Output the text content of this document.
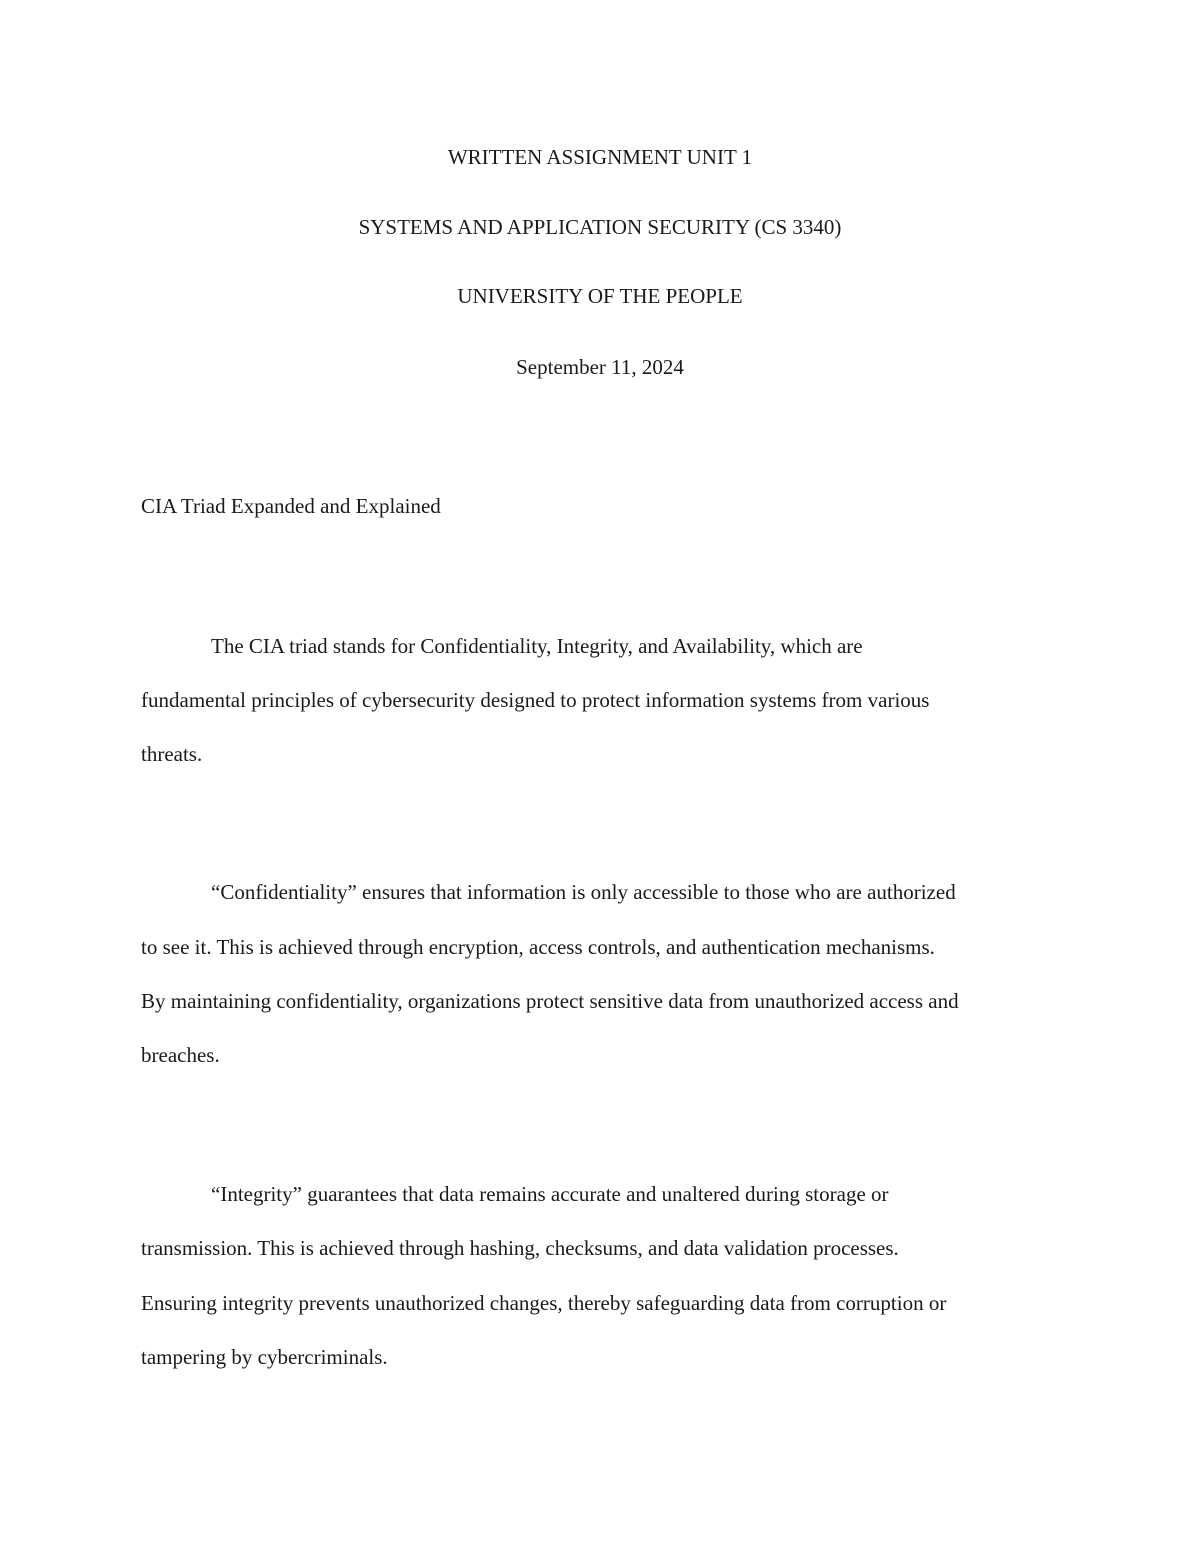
WRITTEN ASSIGNMENT UNIT 1
SYSTEMS AND APPLICATION SECURITY (CS 3340)
UNIVERSITY OF THE PEOPLE
September 11, 2024
CIA Triad Expanded and Explained
The CIA triad stands for Confidentiality, Integrity, and Availability, which are
fundamental principles of cybersecurity designed to protect information systems from various
threats.
“Confidentiality” ensures that information is only accessible to those who are authorized
to see it. This is achieved through encryption, access controls, and authentication mechanisms.
By maintaining confidentiality, organizations protect sensitive data from unauthorized access and
breaches.
“Integrity” guarantees that data remains accurate and unaltered during storage or
transmission. This is achieved through hashing, checksums, and data validation processes.
Ensuring integrity prevents unauthorized changes, thereby safeguarding data from corruption or
tampering by cybercriminals.
